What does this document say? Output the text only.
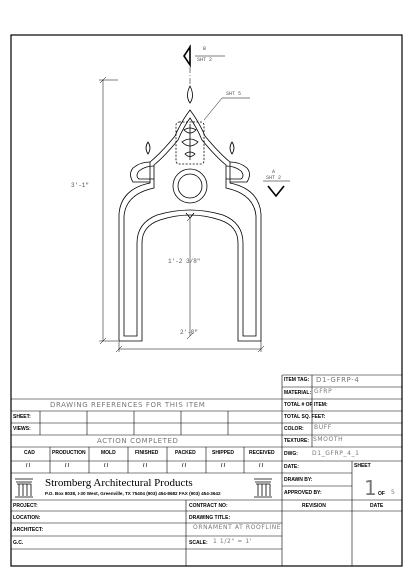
B
SHT 2
SHT 5
A
SHT 2
3'-1"
1'-2 3/8"
2'-0"
ITEM TAG: D1-GFRP-4
MATERIAL: GFRP
TOTAL # OF ITEM:
TOTAL SQ. FEET:
COLOR: BUFF
TEXTURE: SMOOTH
DWG: D1_GFRP_4_1
DATE:	SHEET
DRAWN BY:
APPROVED BY: 1 OF 5
REVISION	DATE
DRAWING REFERENCES FOR THIS ITEM
SHEET:
VIEWS:
ACTION COMPLETED
CAD	PRODUCTION	MOLD	FINISHED	PACKED	SHIPPED	RECEIVED
/ /	/ /	/ /	/ /	/ /	/ /	/ /
Stromberg Architectural Products
P.O. Box 8038, I-30 West, Greenville, TX 75404 (903) 454-8682 FAX (903) 454-3642
PROJECT:
LOCATION:
ARCHITECT:
G.C.
CONTRACT NO:
DRAWING TITLE:
ORNAMENT AT ROOFLINE
SCALE: 1 1/2" = 1'
